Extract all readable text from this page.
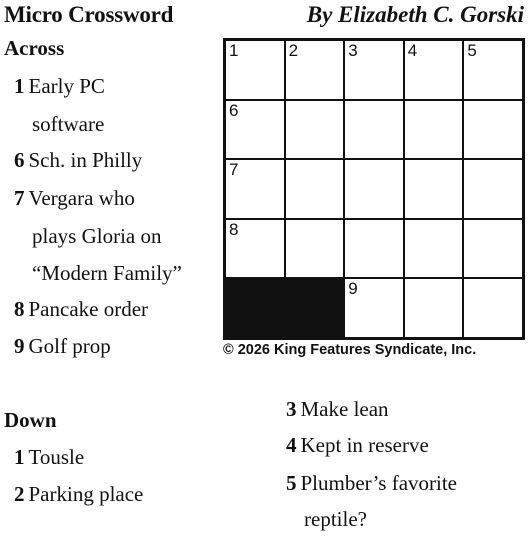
Micro Crossword	By Elizabeth C. Gorski
Across
1 Early PC
software
6 Sch. in Philly
7 Vergara who
plays Gloria on
“Modern Family”
8 Pancake order
9 Golf prop
Down
1 Tousle
2 Parking place
3 Make lean
4 Kept in reserve
5 Plumber’s favorite
reptile?
1	2	3	4	5
6
7
8
9
© 2026 King Features Syndicate, Inc.
